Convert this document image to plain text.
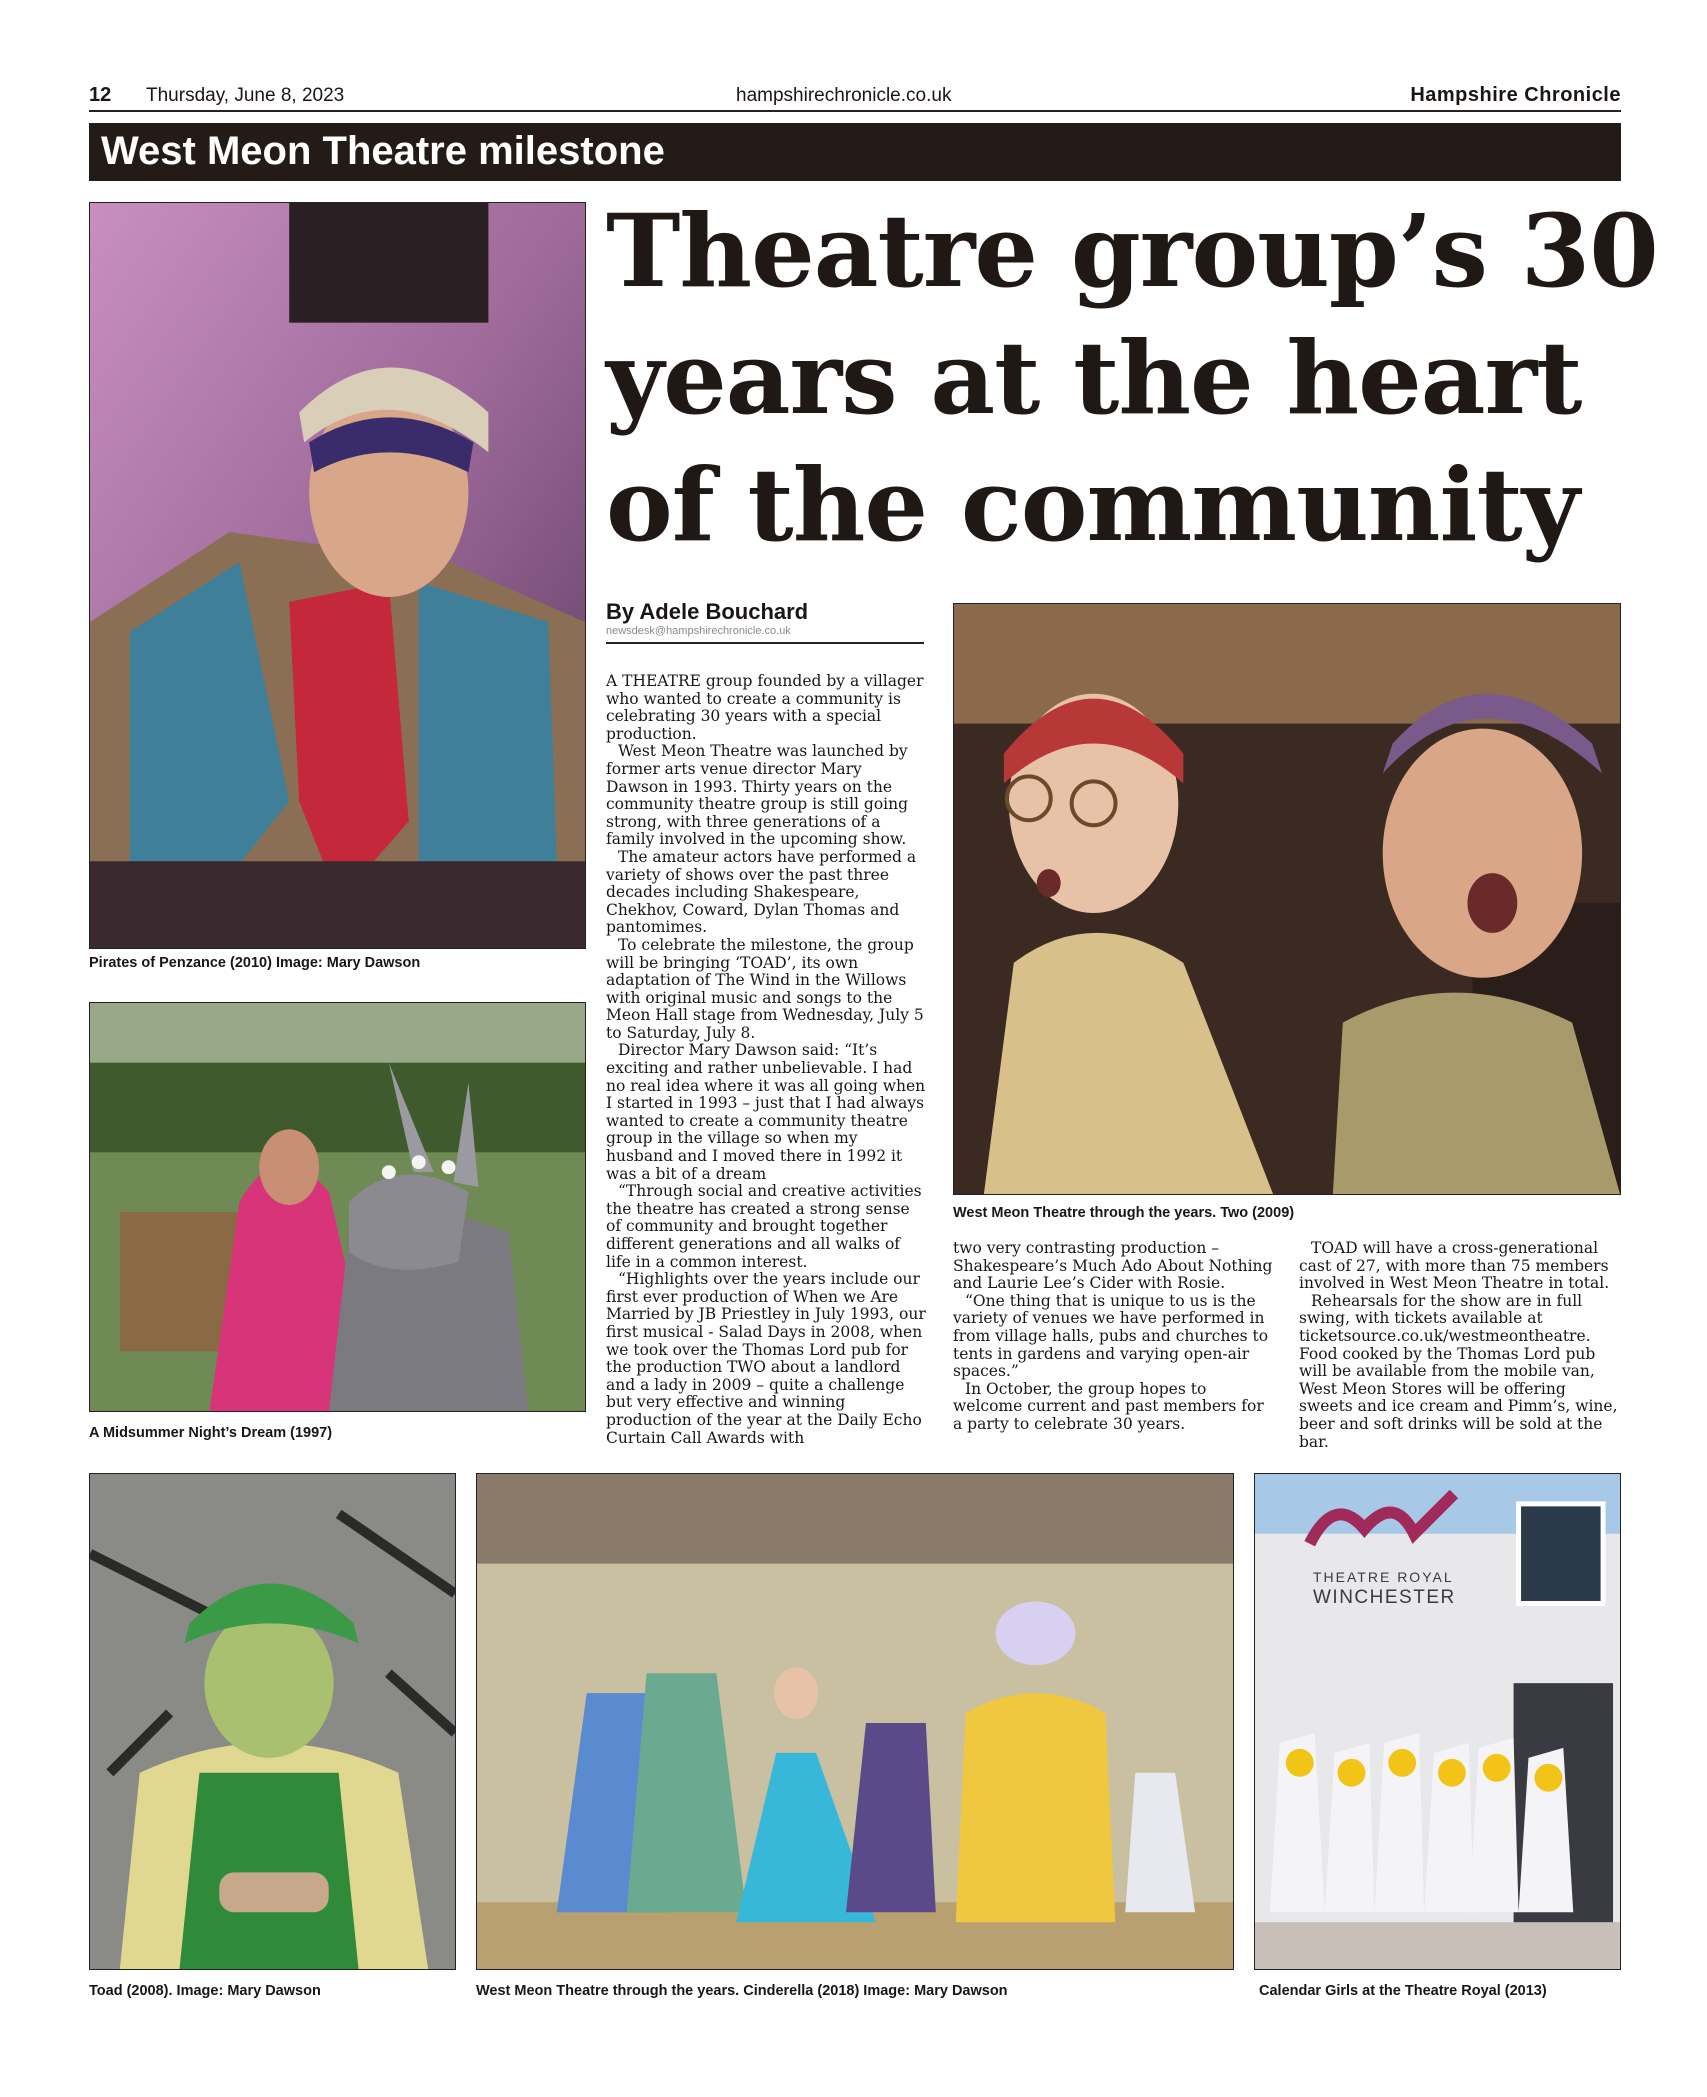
12 Thursday, June 8, 2023	hampshirechronicle.co.uk	Hampshire Chronicle
West Meon Theatre milestone
Theatre group’s 30
years at the heart
of the community
Pirates of Penzance (2010) Image: Mary Dawson
A Midsummer Night’s Dream (1997)
By Adele Bouchard
newsdesk@hampshirechronicle.co.uk

A THEATRE group founded by a villager who wanted to create a community is celebrating 30 years with a special production.

West Meon Theatre was launched by former arts venue director Mary Dawson in 1993. Thirty years on the community theatre group is still going strong, with three generations of a family involved in the upcoming show.

The amateur actors have performed a variety of shows over the past three decades including Shakespeare, Chekhov, Coward, Dylan Thomas and pantomimes.

To celebrate the milestone, the group will be bringing ‘TOAD’, its own adaptation of The Wind in the Willows with original music and songs to the Meon Hall stage from Wednesday, July 5 to Saturday, July 8.

Director Mary Dawson said: “It’s exciting and rather unbelievable. I had no real idea where it was all going when I started in 1993 – just that I had always wanted to create a community theatre group in the village so when my husband and I moved there in 1992 it was a bit of a dream

“Through social and creative activities the theatre has created a strong sense of community and brought together different generations and all walks of life in a common interest.

“Highlights over the years include our first ever production of When we Are Married by JB Priestley in July 1993, our first musical - Salad Days in 2008, when we took over the Thomas Lord pub for the production TWO about a landlord and a lady in 2009 – quite a challenge but very effective and winning production of the year at the Daily Echo Curtain Call Awards with

West Meon Theatre through the years. Two (2009)

two very contrasting production – Shakespeare’s Much Ado About Nothing and Laurie Lee’s Cider with Rosie.

“One thing that is unique to us is the variety of venues we have performed in from village halls, pubs and churches to tents in gardens and varying open-air spaces.”

In October, the group hopes to welcome current and past members for a party to celebrate 30 years.

TOAD will have a cross-generational cast of 27, with more than 75 members involved in West Meon Theatre in total.

Rehearsals for the show are in full swing, with tickets available at ticketsource.co.uk/westmeontheatre. Food cooked by the Thomas Lord pub will be available from the mobile van, West Meon Stores will be offering sweets and ice cream and Pimm’s, wine, beer and soft drinks will be sold at the bar.

Toad (2008). Image: Mary Dawson	West Meon Theatre through the years. Cinderella (2018) Image: Mary Dawson
THEATRE ROYAL
WINCHESTER
Calendar Girls at the Theatre Royal (2013)
